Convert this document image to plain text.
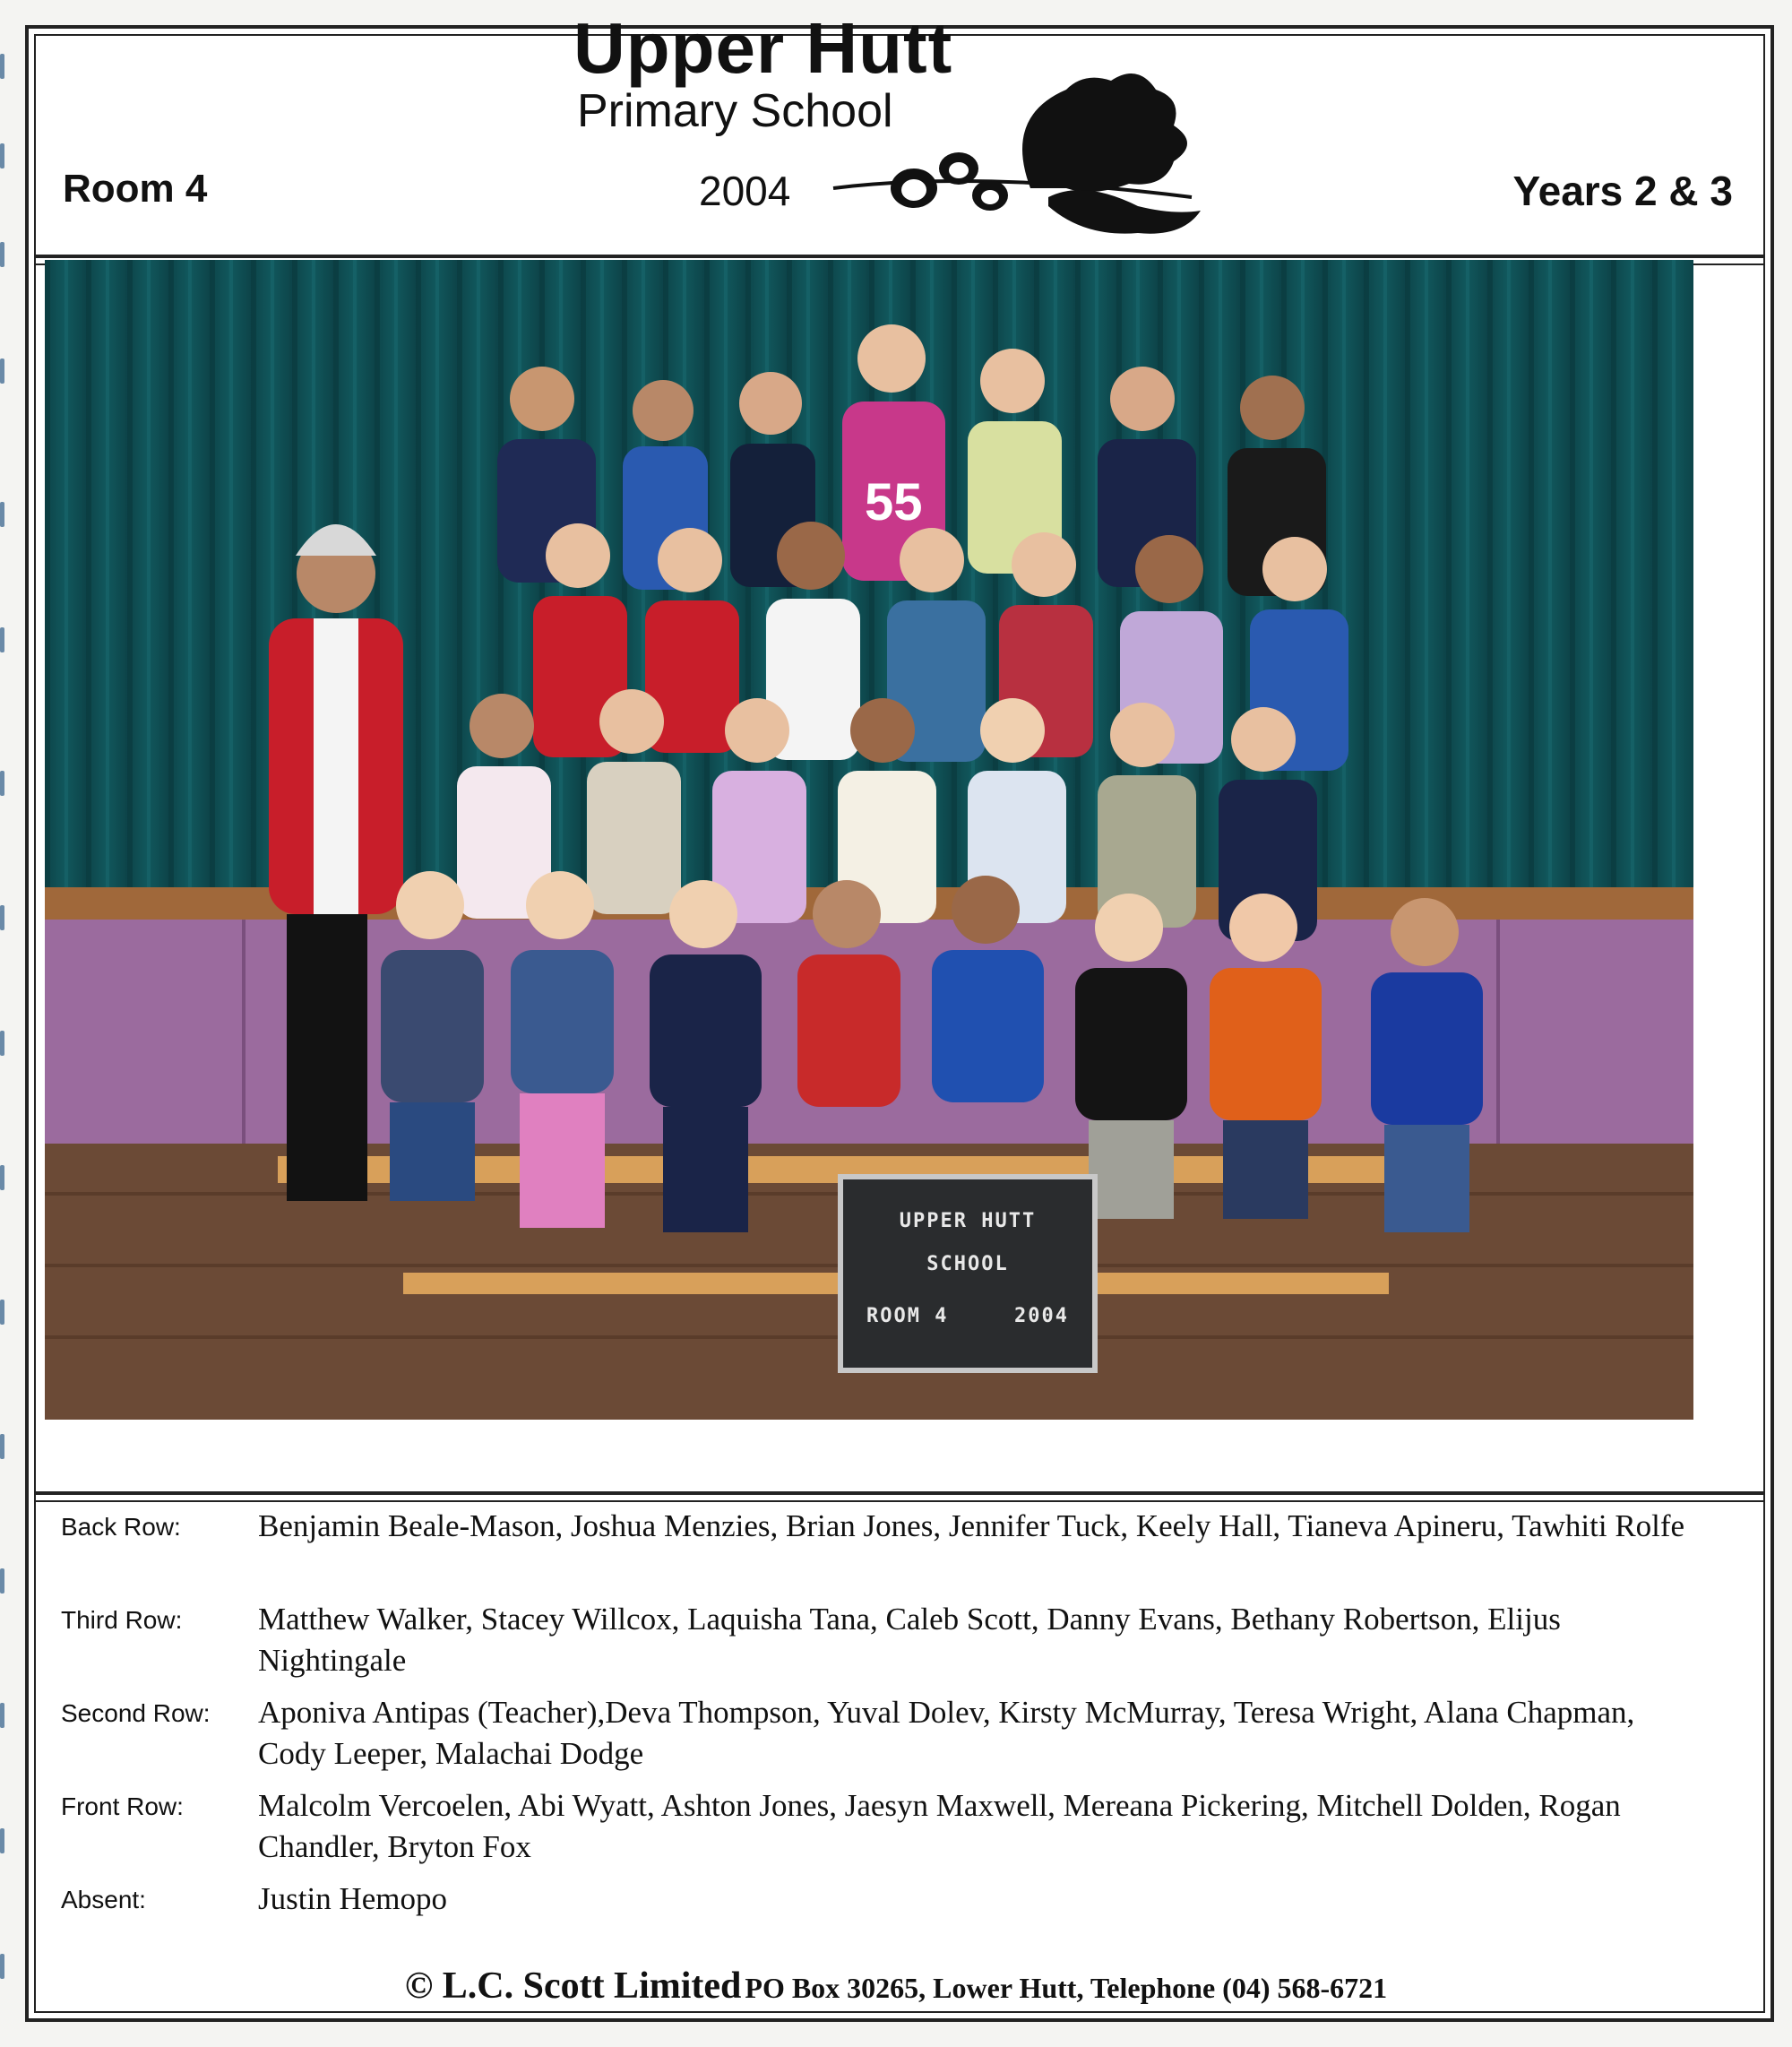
Upper Hutt
Primary School
Room 4	2004	Years 2 & 3
55
UPPER HUTT
SCHOOL
ROOM 4	2004
Back Row: Benjamin Beale-Mason, Joshua Menzies, Brian Jones, Jennifer Tuck, Keely Hall, Tianeva Apineru, Tawhiti Rolfe
Third Row: Matthew Walker, Stacey Willcox, Laquisha Tana, Caleb Scott, Danny Evans, Bethany Robertson, Elijus Nightingale
Second Row: Aponiva Antipas (Teacher),Deva Thompson, Yuval Dolev, Kirsty McMurray, Teresa Wright, Alana Chapman, Cody Leeper, Malachai Dodge
Front Row: Malcolm Vercoelen, Abi Wyatt, Ashton Jones, Jaesyn Maxwell, Mereana Pickering, Mitchell Dolden, Rogan Chandler, Bryton Fox
Absent:	Justin Hemopo
© L.C. Scott Limited PO Box 30265, Lower Hutt, Telephone (04) 568-6721
